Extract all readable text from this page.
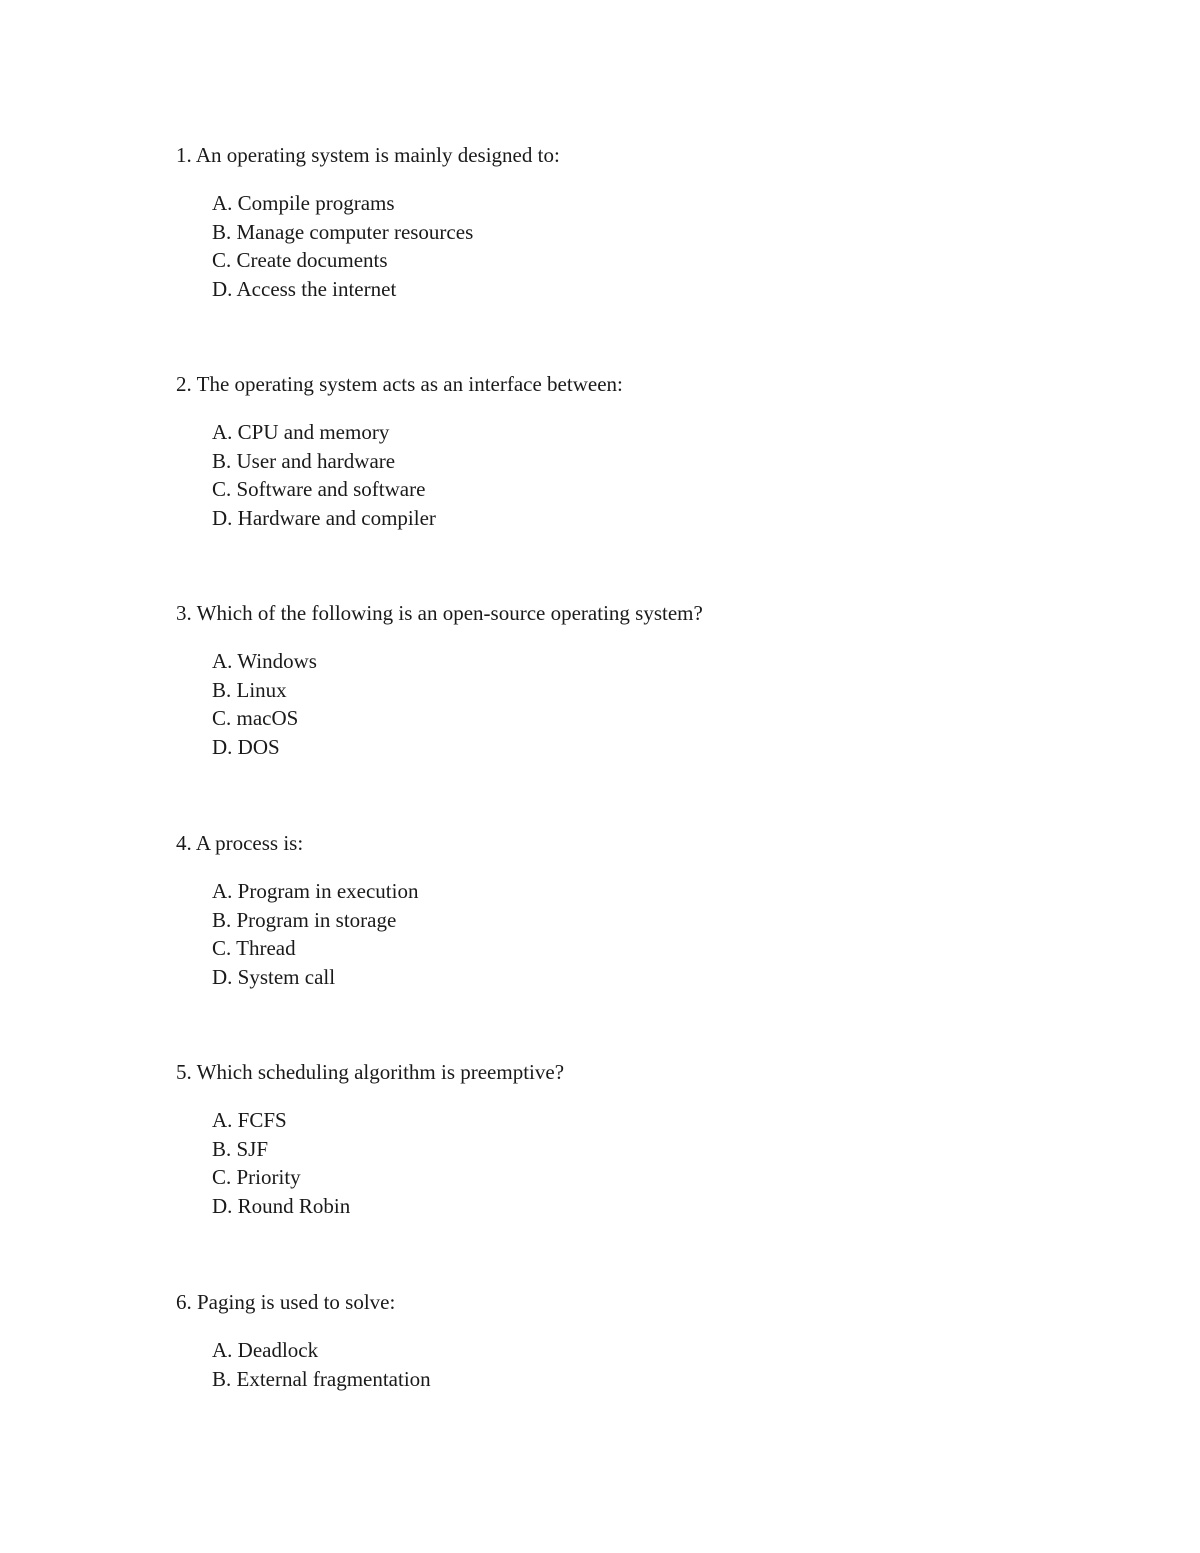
1. An operating system is mainly designed to:

A. Compile programs
B. Manage computer resources
C. Create documents
D. Access the internet

2. The operating system acts as an interface between:

A. CPU and memory
B. User and hardware
C. Software and software
D. Hardware and compiler

3. Which of the following is an open-source operating system?

A. Windows
B. Linux
C. macOS
D. DOS

4. A process is:

A. Program in execution
B. Program in storage
C. Thread
D. System call

5. Which scheduling algorithm is preemptive?

A. FCFS
B. SJF
C. Priority
D. Round Robin

6. Paging is used to solve:

A. Deadlock
B. External fragmentation
